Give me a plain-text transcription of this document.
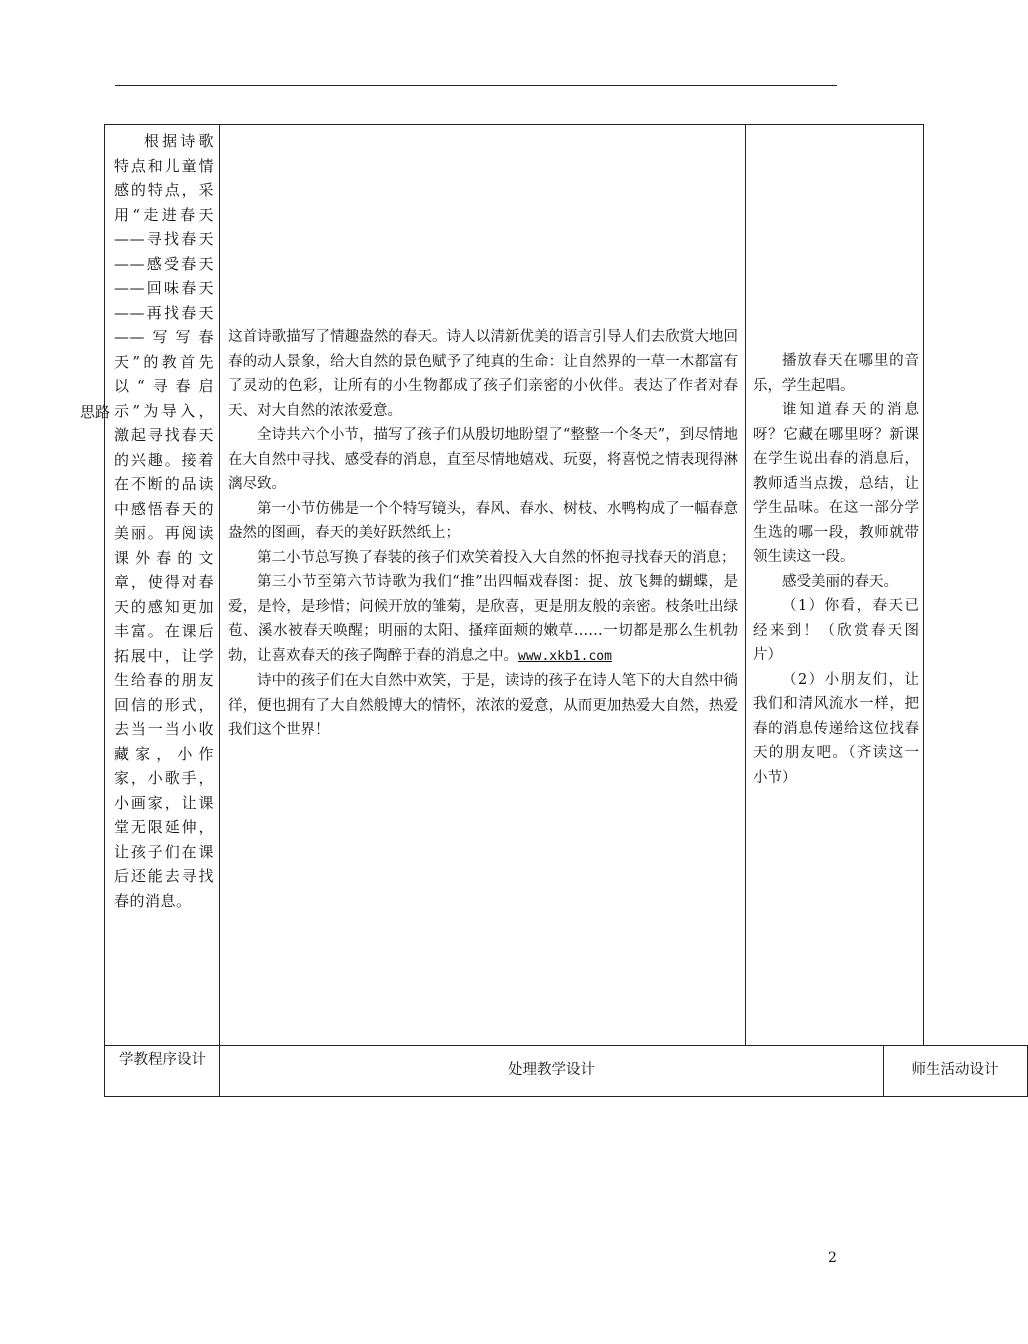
根据诗歌特点和儿童情感的特点，采用“走进春天——寻找春天——感受春天——回味春天——再找春天——写写春天”的教首先以“寻春启示”为导入，激起寻找春天的兴趣。接着在不断的品读中感悟春天的美丽。再阅读课外春的文章，使得对春天的感知更加丰富。在课后拓展中，让学生给春的朋友回信的形式，去当一当小收藏家，小作家，小歌手，小画家，让课堂无限延伸，让孩子们在课后还能去寻找春的消息。

思路

这首诗歌描写了情趣盎然的春天。诗人以清新优美的语言引导人们去欣赏大地回春的动人景象，给大自然的景色赋予了纯真的生命：让自然界的一草一木都富有了灵动的色彩，让所有的小生物都成了孩子们亲密的小伙伴。表达了作者对春天、对大自然的浓浓爱意。

全诗共六个小节，描写了孩子们从殷切地盼望了“整整一个冬天”，到尽情地在大自然中寻找、感受春的消息，直至尽情地嬉戏、玩耍，将喜悦之情表现得淋漓尽致。

第一小节仿佛是一个个特写镜头，春风、春水、树枝、水鸭构成了一幅春意盎然的图画，春天的美好跃然纸上；

第二小节总写换了春装的孩子们欢笑着投入大自然的怀抱寻找春天的消息；

第三小节至第六节诗歌为我们“推”出四幅戏春图：捉、放飞舞的蝴蝶，是爱，是怜，是珍惜；问候开放的雏菊，是欣喜，更是朋友般的亲密。枝条吐出绿苞、溪水被春天唤醒；明丽的太阳、搔痒面颊的嫩草……一切都是那么生机勃勃，让喜欢春天的孩子陶醉于春的消息之中。www.xkb1.com

诗中的孩子们在大自然中欢笑，于是，读诗的孩子在诗人笔下的大自然中徜徉，便也拥有了大自然般博大的情怀，浓浓的爱意，从而更加热爱大自然，热爱我们这个世界！

播放春天在哪里的音乐，学生起唱。

谁知道春天的消息呀？它藏在哪里呀？新课在学生说出春的消息后，教师适当点拨，总结，让学生品味。在这一部分学生选的哪一段，教师就带领生读这一段。

感受美丽的春天。

（1）你看，春天已经来到！（欣赏春天图片）

（2）小朋友们，让我们和清风流水一样，把春的消息传递给这位找春天的朋友吧。（齐读这一小节）

学教程序设计
处理教学设计	师生活动设计
2
